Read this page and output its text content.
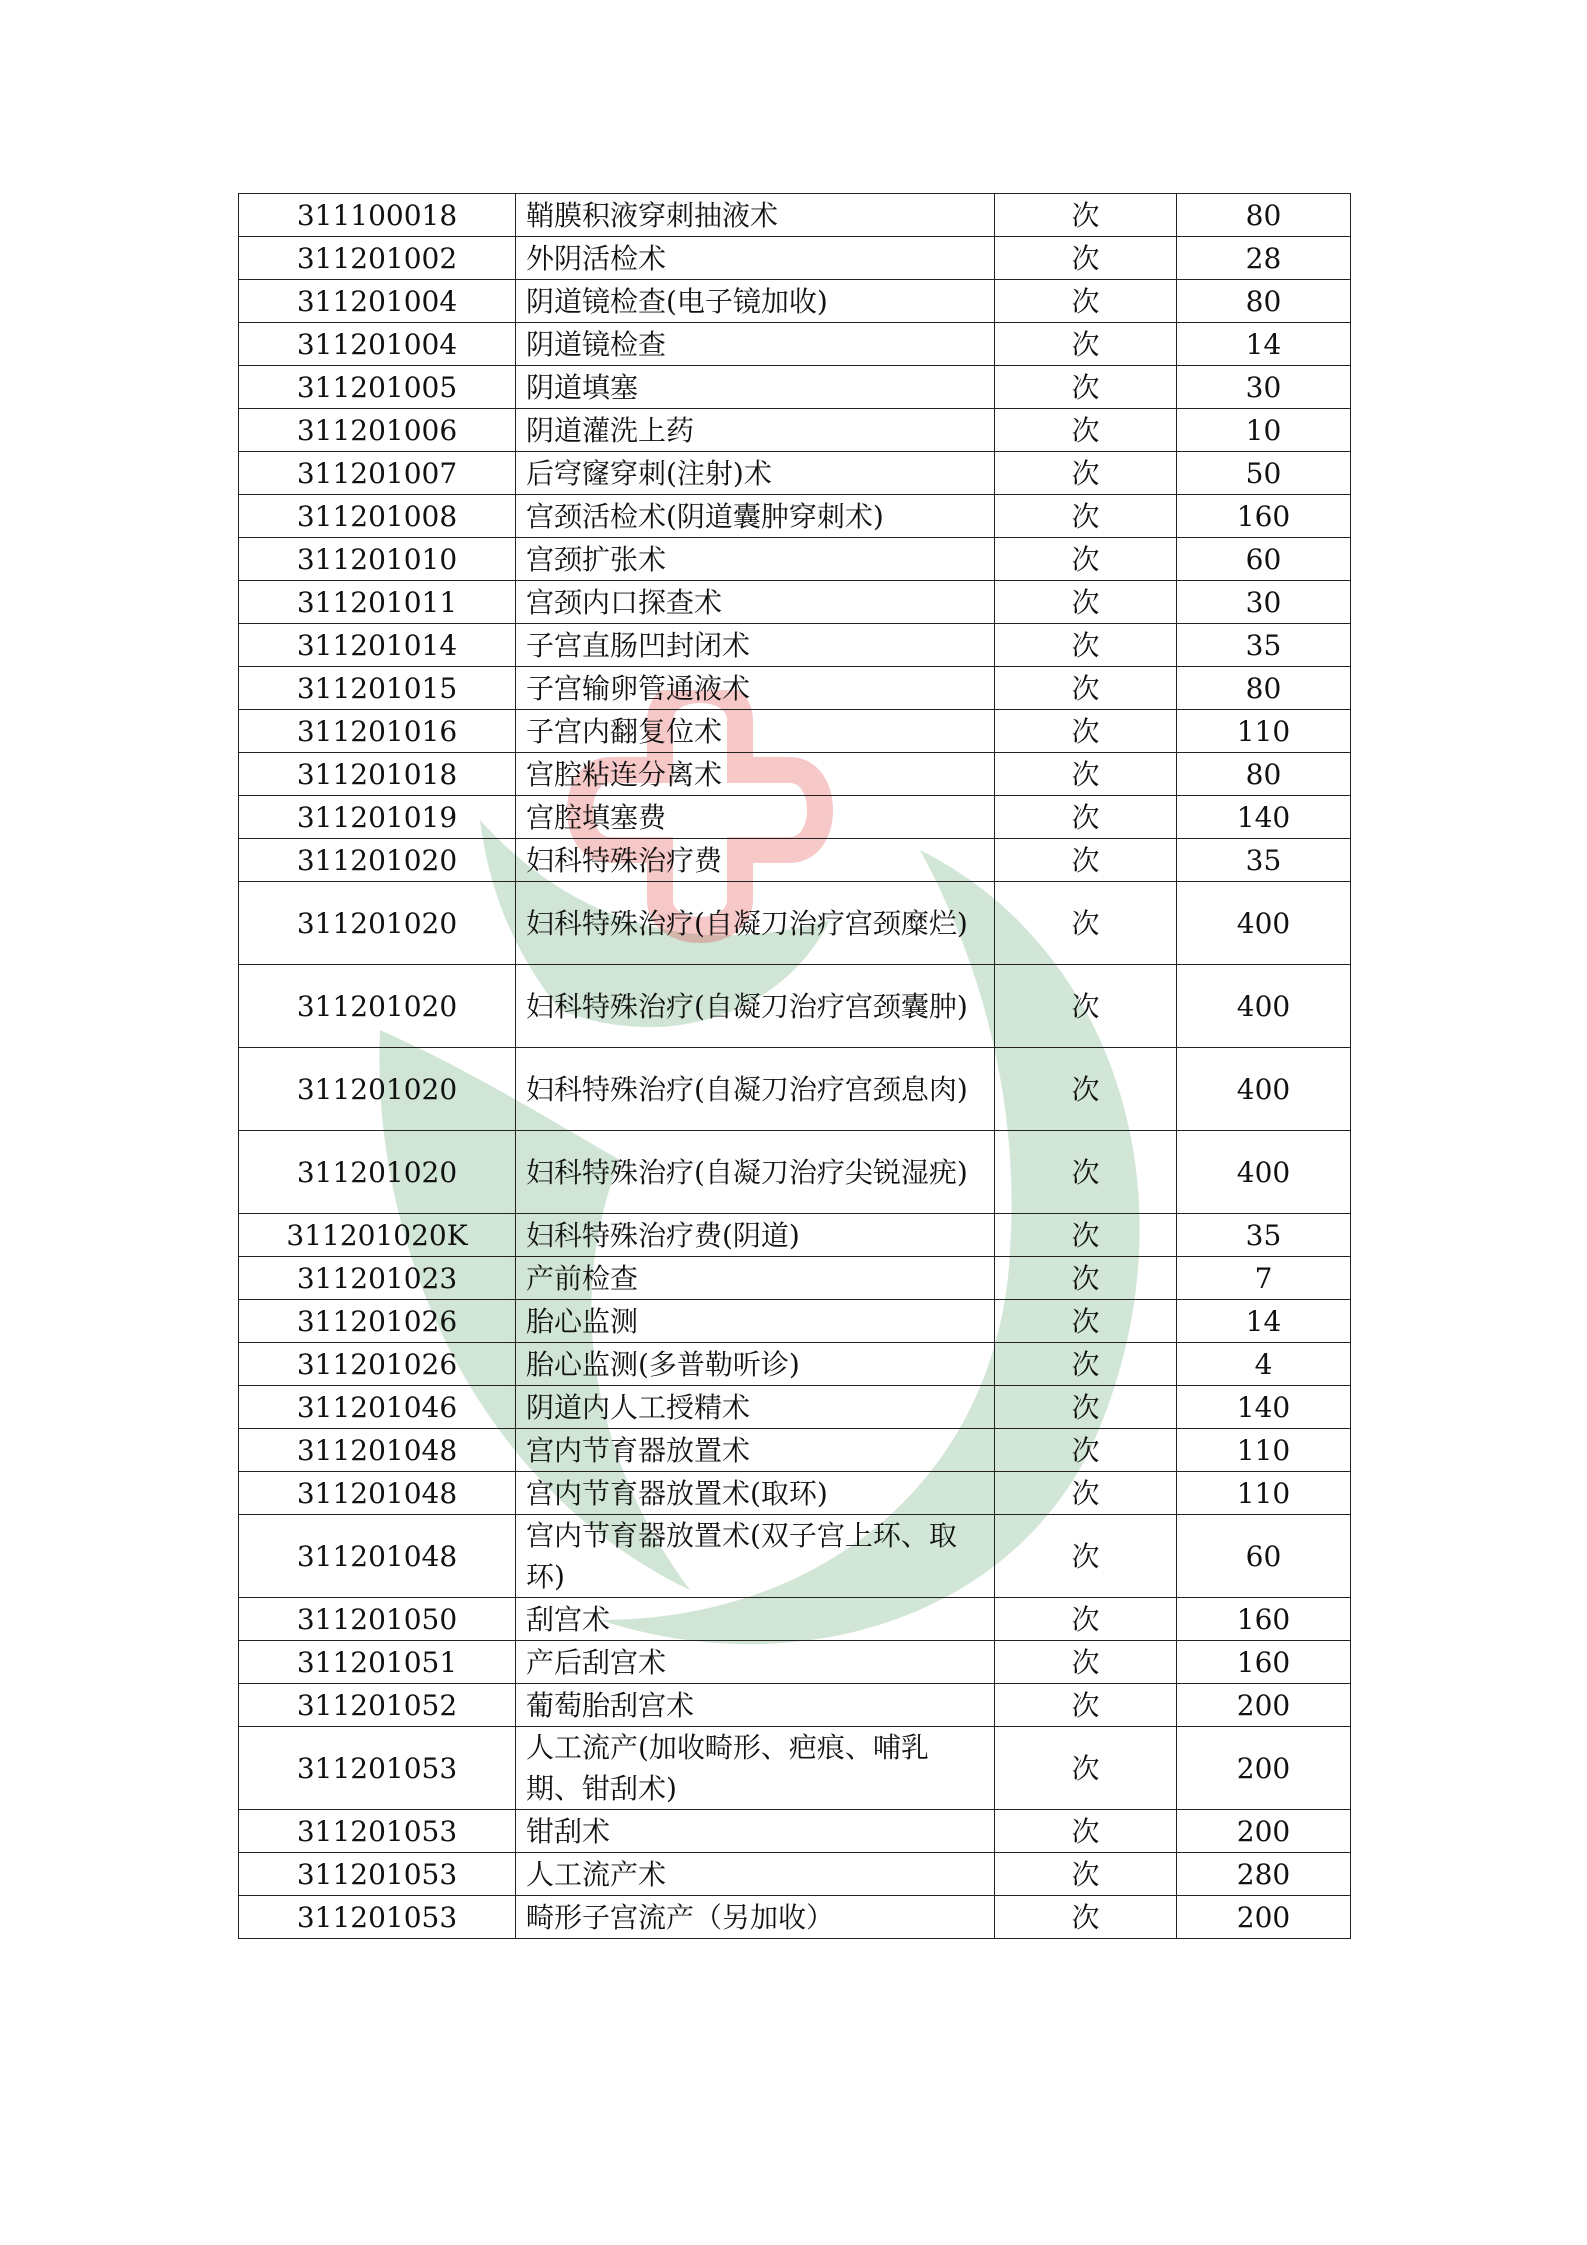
311100018	鞘膜积液穿刺抽液术	次	80
311201002	外阴活检术	次	28
311201004	阴道镜检查(电子镜加收)	次	80
311201004	阴道镜检查	次	14
311201005	阴道填塞	次	30
311201006	阴道灌洗上药	次	10
311201007	后穹窿穿刺(注射)术	次	50
311201008	宫颈活检术(阴道囊肿穿刺术)	次	160
311201010	宫颈扩张术	次	60
311201011	宫颈内口探查术	次	30
311201014	子宫直肠凹封闭术	次	35
311201015	子宫输卵管通液术	次	80
311201016	子宫内翻复位术	次	110
311201018	宫腔粘连分离术	次	80
311201019	宫腔填塞费	次	140
311201020	妇科特殊治疗费	次	35
311201020	妇科特殊治疗(自凝刀治疗宫颈糜烂)	次	400
311201020	妇科特殊治疗(自凝刀治疗宫颈囊肿)	次	400
311201020	妇科特殊治疗(自凝刀治疗宫颈息肉)	次	400
311201020	妇科特殊治疗(自凝刀治疗尖锐湿疣)	次	400
311201020K	妇科特殊治疗费(阴道)	次	35
311201023	产前检查	次	7
311201026	胎心监测	次	14
311201026	胎心监测(多普勒听诊)	次	4
311201046	阴道内人工授精术	次	140
311201048	宫内节育器放置术	次	110
311201048	宫内节育器放置术(取环)	次	110
311201048	宫内节育器放置术(双子宫上环、取环)	次	60
311201050	刮宫术	次	160
311201051	产后刮宫术	次	160
311201052	葡萄胎刮宫术	次	200
311201053	人工流产(加收畸形、疤痕、哺乳期、钳刮术)	次	200
311201053	钳刮术	次	200
311201053	人工流产术	次	280
311201053	畸形子宫流产（另加收）	次	200
